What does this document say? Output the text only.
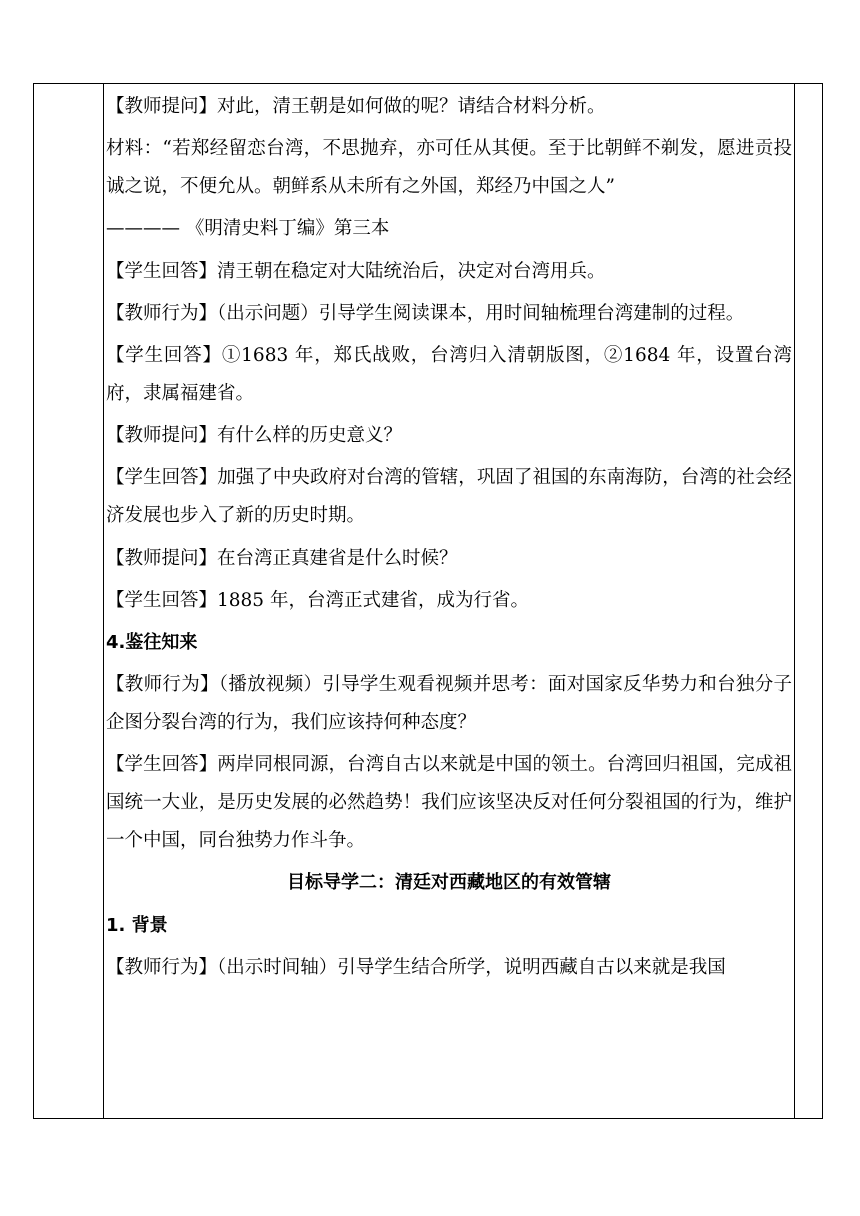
【教师提问】对此，清王朝是如何做的呢？请结合材料分析。

材料：“若郑经留恋台湾，不思抛弃，亦可任从其便。至于比朝鲜不剃发，愿进贡投诚之说，不便允从。朝鲜系从未所有之外国，郑经乃中国之人”

———— 《明清史料丁编》第三本

【学生回答】清王朝在稳定对大陆统治后，决定对台湾用兵。

【教师行为】（出示问题）引导学生阅读课本，用时间轴梳理台湾建制的过程。

【学生回答】①1683 年，郑氏战败，台湾归入清朝版图，②1684 年，设置台湾府，隶属福建省。

【教师提问】有什么样的历史意义？

【学生回答】加强了中央政府对台湾的管辖，巩固了祖国的东南海防，台湾的社会经济发展也步入了新的历史时期。

【教师提问】在台湾正真建省是什么时候？

【学生回答】1885 年，台湾正式建省，成为行省。

4.鉴往知来

【教师行为】（播放视频）引导学生观看视频并思考：面对国家反华势力和台独分子企图分裂台湾的行为，我们应该持何种态度？

【学生回答】两岸同根同源，台湾自古以来就是中国的领土。台湾回归祖国，完成祖国统一大业，是历史发展的必然趋势！我们应该坚决反对任何分裂祖国的行为，维护一个中国，同台独势力作斗争。

目标导学二：清廷对西藏地区的有效管辖

1. 背景

【教师行为】（出示时间轴）引导学生结合所学，说明西藏自古以来就是我国
